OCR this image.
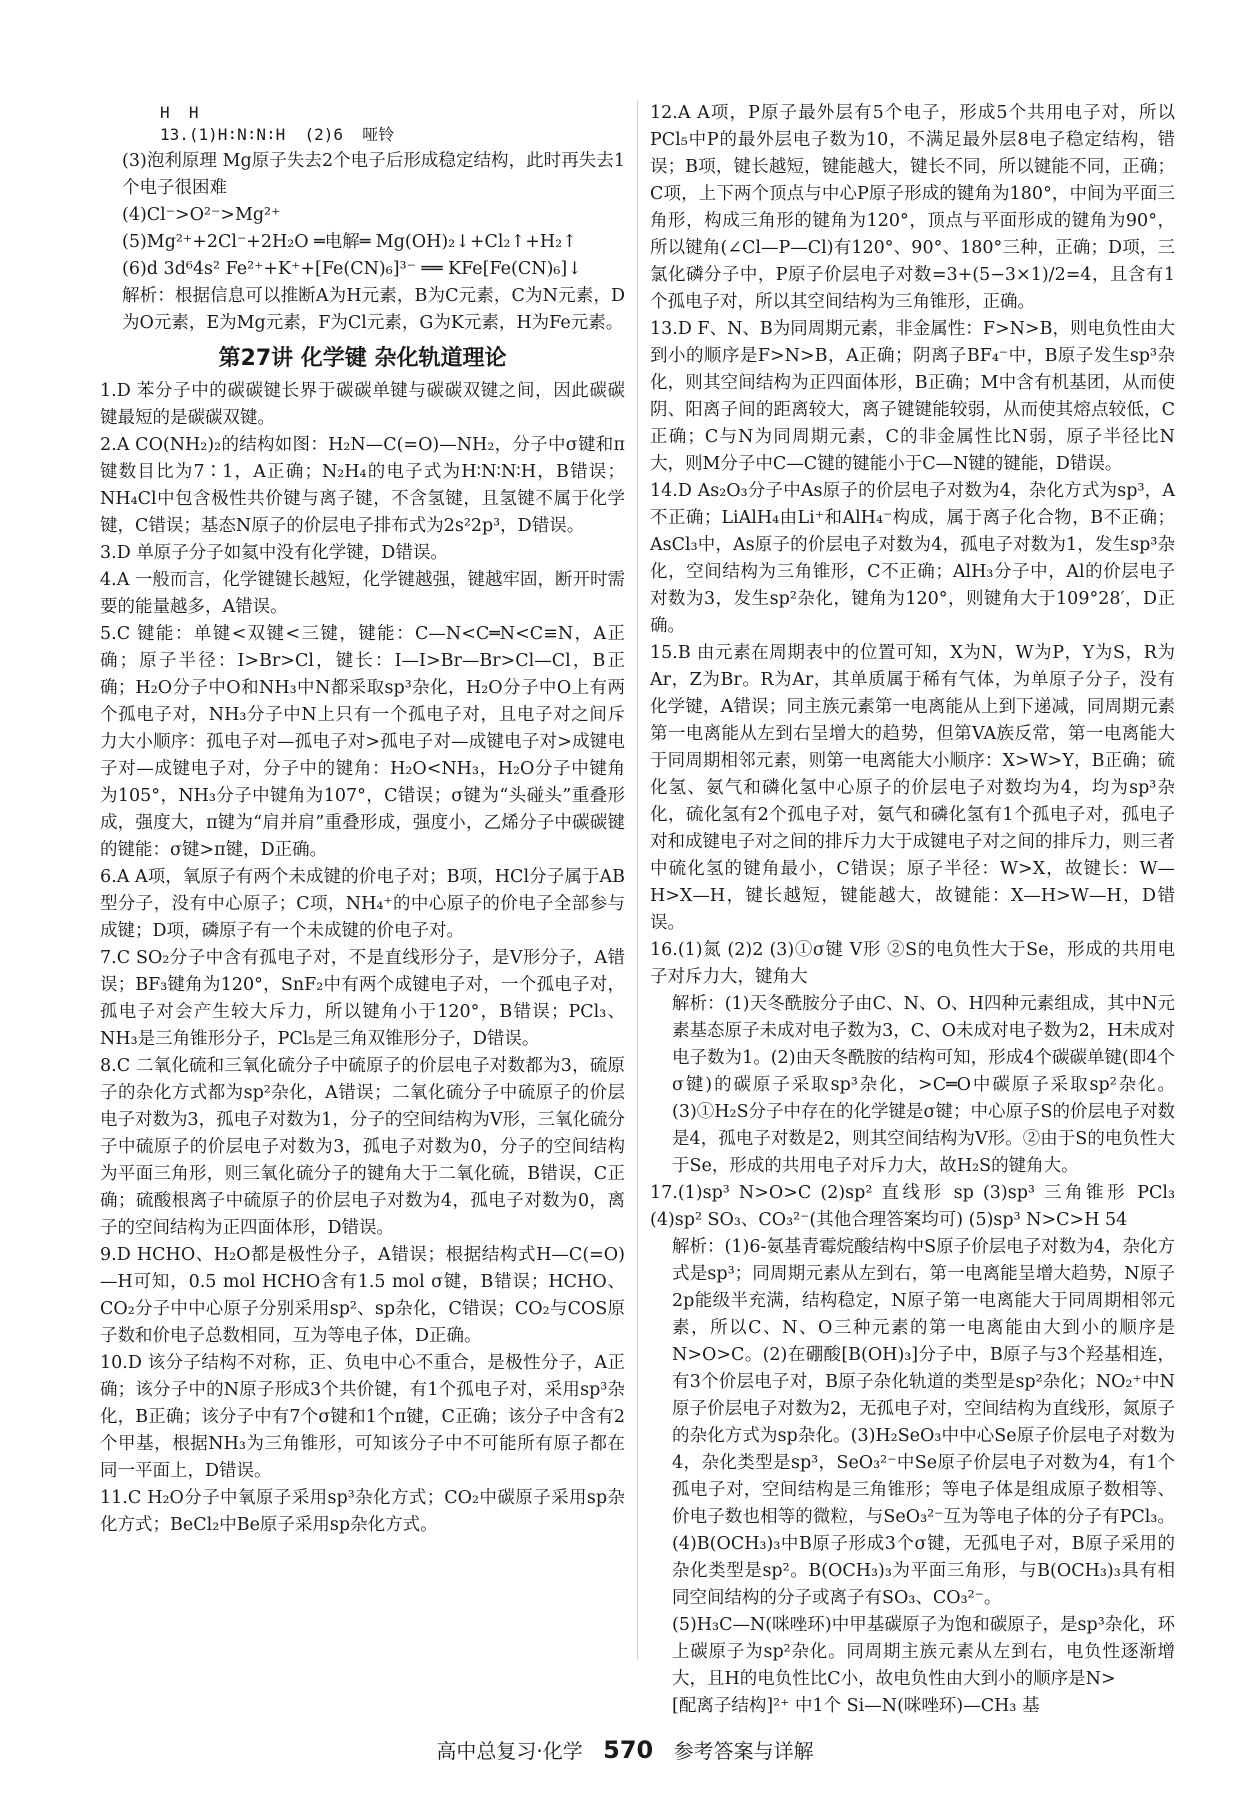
H  H
13.(1)H∶N∶N∶H  (2)6  哑铃

(3)泡利原理 Mg原子失去2个电子后形成稳定结构，此时再失去1个电子很困难

(4)Cl⁻>O²⁻>Mg²⁺

(5)Mg²⁺+2Cl⁻+2H₂O ═电解═ Mg(OH)₂↓+Cl₂↑+H₂↑

(6)d 3d⁶4s² Fe²⁺+K⁺+[Fe(CN)₆]³⁻ ══ KFe[Fe(CN)₆]↓

解析：根据信息可以推断A为H元素，B为C元素，C为N元素，D为O元素，E为Mg元素，F为Cl元素，G为K元素，H为Fe元素。

第27讲 化学键 杂化轨道理论

1.D 苯分子中的碳碳键长界于碳碳单键与碳碳双键之间，因此碳碳键最短的是碳碳双键。

2.A CO(NH₂)₂的结构如图：H₂N—C(=O)—NH₂，分子中σ键和π键数目比为7∶1，A正确；N₂H₄的电子式为H∶N∶N∶H，B错误；NH₄Cl中包含极性共价键与离子键，不含氢键，且氢键不属于化学键，C错误；基态N原子的价层电子排布式为2s²2p³，D错误。

3.D 单原子分子如氦中没有化学键，D错误。

4.A 一般而言，化学键键长越短，化学键越强，键越牢固，断开时需要的能量越多，A错误。

5.C 键能：单键<双键<三键，键能：C—N<C═N<C≡N，A正确；原子半径：I>Br>Cl，键长：I—I>Br—Br>Cl—Cl，B正确；H₂O分子中O和NH₃中N都采取sp³杂化，H₂O分子中O上有两个孤电子对，NH₃分子中N上只有一个孤电子对，且电子对之间斥力大小顺序：孤电子对—孤电子对>孤电子对—成键电子对>成键电子对—成键电子对，分子中的键角：H₂O<NH₃，H₂O分子中键角为105°，NH₃分子中键角为107°，C错误；σ键为“头碰头”重叠形成，强度大，π键为“肩并肩”重叠形成，强度小，乙烯分子中碳碳键的键能：σ键>π键，D正确。

6.A A项，氧原子有两个未成键的价电子对；B项，HCl分子属于AB型分子，没有中心原子；C项，NH₄⁺的中心原子的价电子全部参与成键；D项，磷原子有一个未成键的价电子对。

7.C SO₂分子中含有孤电子对，不是直线形分子，是V形分子，A错误；BF₃键角为120°，SnF₂中有两个成键电子对，一个孤电子对，孤电子对会产生较大斥力，所以键角小于120°，B错误；PCl₃、NH₃是三角锥形分子，PCl₅是三角双锥形分子，D错误。

8.C 二氧化硫和三氧化硫分子中硫原子的价层电子对数都为3，硫原子的杂化方式都为sp²杂化，A错误；二氧化硫分子中硫原子的价层电子对数为3，孤电子对数为1，分子的空间结构为V形，三氧化硫分子中硫原子的价层电子对数为3，孤电子对数为0，分子的空间结构为平面三角形，则三氧化硫分子的键角大于二氧化硫，B错误，C正确；硫酸根离子中硫原子的价层电子对数为4，孤电子对数为0，离子的空间结构为正四面体形，D错误。

9.D HCHO、H₂O都是极性分子，A错误；根据结构式H—C(=O)—H可知，0.5 mol HCHO含有1.5 mol σ键，B错误；HCHO、CO₂分子中中心原子分别采用sp²、sp杂化，C错误；CO₂与COS原子数和价电子总数相同，互为等电子体，D正确。

10.D 该分子结构不对称，正、负电中心不重合，是极性分子，A正确；该分子中的N原子形成3个共价键，有1个孤电子对，采用sp³杂化，B正确；该分子中有7个σ键和1个π键，C正确；该分子中含有2个甲基，根据NH₃为三角锥形，可知该分子中不可能所有原子都在同一平面上，D错误。

11.C H₂O分子中氧原子采用sp³杂化方式；CO₂中碳原子采用sp杂化方式；BeCl₂中Be原子采用sp杂化方式。

12.A A项，P原子最外层有5个电子，形成5个共用电子对，所以PCl₅中P的最外层电子数为10，不满足最外层8电子稳定结构，错误；B项，键长越短，键能越大，键长不同，所以键能不同，正确；C项，上下两个顶点与中心P原子形成的键角为180°，中间为平面三角形，构成三角形的键角为120°，顶点与平面形成的键角为90°，所以键角(∠Cl—P—Cl)有120°、90°、180°三种，正确；D项，三氯化磷分子中，P原子价层电子对数=3+(5−3×1)/2=4，且含有1个孤电子对，所以其空间结构为三角锥形，正确。

13.D F、N、B为同周期元素，非金属性：F>N>B，则电负性由大到小的顺序是F>N>B，A正确；阴离子BF₄⁻中，B原子发生sp³杂化，则其空间结构为正四面体形，B正确；M中含有机基团，从而使阴、阳离子间的距离较大，离子键键能较弱，从而使其熔点较低，C正确；C与N为同周期元素，C的非金属性比N弱，原子半径比N大，则M分子中C—C键的键能小于C—N键的键能，D错误。

14.D As₂O₃分子中As原子的价层电子对数为4，杂化方式为sp³，A不正确；LiAlH₄由Li⁺和AlH₄⁻构成，属于离子化合物，B不正确；AsCl₃中，As原子的价层电子对数为4，孤电子对数为1，发生sp³杂化，空间结构为三角锥形，C不正确；AlH₃分子中，Al的价层电子对数为3，发生sp²杂化，键角为120°，则键角大于109°28′，D正确。

15.B 由元素在周期表中的位置可知，X为N，W为P，Y为S，R为Ar，Z为Br。R为Ar，其单质属于稀有气体，为单原子分子，没有化学键，A错误；同主族元素第一电离能从上到下递减，同周期元素第一电离能从左到右呈增大的趋势，但第VA族反常，第一电离能大于同周期相邻元素，则第一电离能大小顺序：X>W>Y，B正确；硫化氢、氨气和磷化氢中心原子的价层电子对数均为4，均为sp³杂化，硫化氢有2个孤电子对，氨气和磷化氢有1个孤电子对，孤电子对和成键电子对之间的排斥力大于成键电子对之间的排斥力，则三者中硫化氢的键角最小，C错误；原子半径：W>X，故键长：W—H>X—H，键长越短，键能越大，故键能：X—H>W—H，D错误。

16.(1)氮 (2)2 (3)①σ键 V形 ②S的电负性大于Se，形成的共用电子对斥力大，键角大

解析：(1)天冬酰胺分子由C、N、O、H四种元素组成，其中N元素基态原子未成对电子数为3，C、O未成对电子数为2，H未成对电子数为1。(2)由天冬酰胺的结构可知，形成4个碳碳单键(即4个σ键)的碳原子采取sp³杂化，>C═O中碳原子采取sp²杂化。(3)①H₂S分子中存在的化学键是σ键；中心原子S的价层电子对数是4，孤电子对数是2，则其空间结构为V形。②由于S的电负性大于Se，形成的共用电子对斥力大，故H₂S的键角大。

17.(1)sp³ N>O>C (2)sp² 直线形 sp (3)sp³ 三角锥形 PCl₃ (4)sp² SO₃、CO₃²⁻(其他合理答案均可) (5)sp³ N>C>H 54

解析：(1)6-氨基青霉烷酸结构中S原子价层电子对数为4，杂化方式是sp³；同周期元素从左到右，第一电离能呈增大趋势，N原子2p能级半充满，结构稳定，N原子第一电离能大于同周期相邻元素，所以C、N、O三种元素的第一电离能由大到小的顺序是N>O>C。(2)在硼酸[B(OH)₃]分子中，B原子与3个羟基相连，有3个价层电子对，B原子杂化轨道的类型是sp²杂化；NO₂⁺中N原子价层电子对数为2，无孤电子对，空间结构为直线形，氮原子的杂化方式为sp杂化。(3)H₂SeO₃中中心Se原子价层电子对数为4，杂化类型是sp³，SeO₃²⁻中Se原子价层电子对数为4，有1个孤电子对，空间结构是三角锥形；等电子体是组成原子数相等、价电子数也相等的微粒，与SeO₃²⁻互为等电子体的分子有PCl₃。(4)B(OCH₃)₃中B原子形成3个σ键，无孤电子对，B原子采用的杂化类型是sp²。B(OCH₃)₃为平面三角形，与B(OCH₃)₃具有相同空间结构的分子或离子有SO₃、CO₃²⁻。

(5)H₃C—N(咪唑环)中甲基碳原子为饱和碳原子，是sp³杂化，环上碳原子为sp²杂化。同周期主族元素从左到右，电负性逐渐增大，且H的电负性比C小，故电负性由大到小的顺序是N>

[配离子结构]²⁺ 中1个 Si—N(咪唑环)—CH₃ 基

高中总复习·化学 570 参考答案与详解
